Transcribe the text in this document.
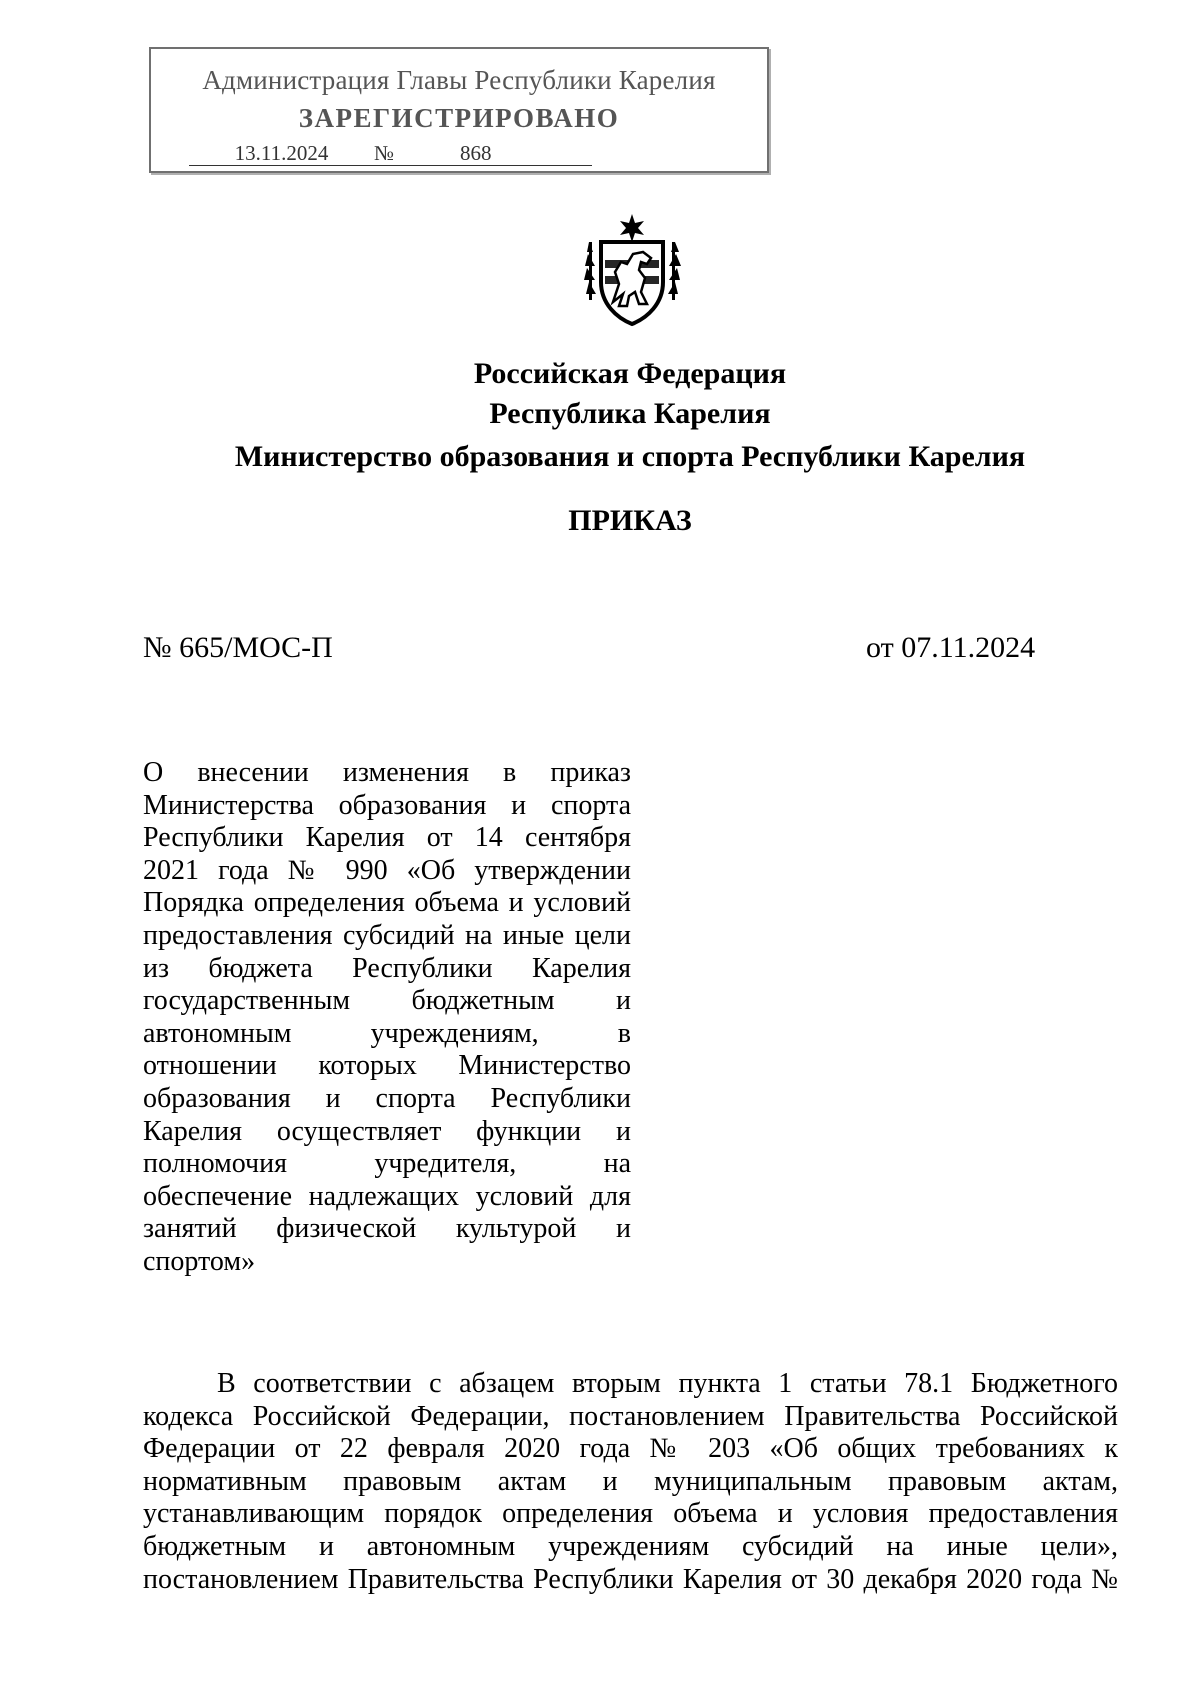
Администрация Главы Республики Карелия
ЗАРЕГИСТРИРОВАНО
13.11.2024 №	868
Российская Федерация
Республика Карелия
Министерство образования и спорта Республики Карелия
ПРИКАЗ
№ 665/МОС-П	от 07.11.2024
О внесении изменения в приказ
Министерства образования и спорта
Республики Карелия от 14 сентября
2021 года № 990 «Об утверждении
Порядка определения объема и условий
предоставления субсидий на иные цели
из бюджета Республики Карелия
государственным бюджетным и
автономным учреждениям, в
отношении которых Министерство
образования и спорта Республики
Карелия осуществляет функции и
полномочия учредителя, на
обеспечение надлежащих условий для
занятий физической культурой и
спортом»
В соответствии с абзацем вторым пункта 1 статьи 78.1 Бюджетного
кодекса Российской Федерации, постановлением Правительства Российской
Федерации от 22 февраля 2020 года № 203 «Об общих требованиях к
нормативным правовым актам и муниципальным правовым актам,
устанавливающим порядок определения объема и условия предоставления
бюджетным и автономным учреждениям субсидий на иные цели»,
постановлением Правительства Республики Карелия от 30 декабря 2020 года №
